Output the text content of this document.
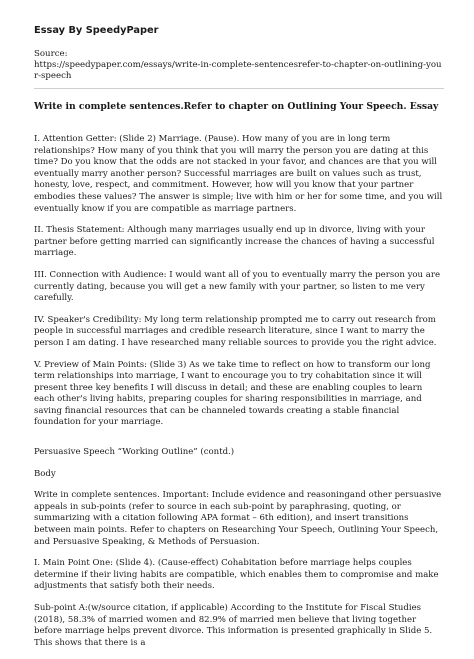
Essay By SpeedyPaper

Source:

https://speedypaper.com/essays/write-in-complete-sentencesrefer-to-chapter-on-outlining-your-speech

Write in complete sentences.Refer to chapter on Outlining Your Speech. Essay

I. Attention Getter: (Slide 2) Marriage. (Pause). How many of you are in long term relationships? How many of you think that you will marry the person you are dating at this time? Do you know that the odds are not stacked in your favor, and chances are that you will eventually marry another person? Successful marriages are built on values such as trust, honesty, love, respect, and commitment. However, how will you know that your partner embodies these values? The answer is simple; live with him or her for some time, and you will eventually know if you are compatible as marriage partners.

II. Thesis Statement: Although many marriages usually end up in divorce, living with your partner before getting married can significantly increase the chances of having a successful marriage.

III. Connection with Audience: I would want all of you to eventually marry the person you are currently dating, because you will get a new family with your partner, so listen to me very carefully.

IV. Speaker's Credibility: My long term relationship prompted me to carry out research from people in successful marriages and credible research literature, since I want to marry the person I am dating. I have researched many reliable sources to provide you the right advice.

V. Preview of Main Points: (Slide 3) As we take time to reflect on how to transform our long term relationships into marriage, I want to encourage you to try cohabitation since it will present three key benefits I will discuss in detail; and these are enabling couples to learn each other's living habits, preparing couples for sharing responsibilities in marriage, and saving financial resources that can be channeled towards creating a stable financial foundation for your marriage.

Persuasive Speech “Working Outline” (contd.)

Body

Write in complete sentences. Important: Include evidence and reasoningand other persuasive appeals in sub-points (refer to source in each sub-point by paraphrasing, quoting, or summarizing with a citation following APA format – 6th edition), and insert transitions between main points. Refer to chapters on Researching Your Speech, Outlining Your Speech, and Persuasive Speaking, & Methods of Persuasion.

I. Main Point One: (Slide 4). (Cause-effect) Cohabitation before marriage helps couples determine if their living habits are compatible, which enables them to compromise and make adjustments that satisfy both their needs.

Sub-point A:(w/source citation, if applicable) According to the Institute for Fiscal Studies (2018), 58.3% of married women and 82.9% of married men believe that living together before marriage helps prevent divorce. This information is presented graphically in Slide 5. This shows that there is a
